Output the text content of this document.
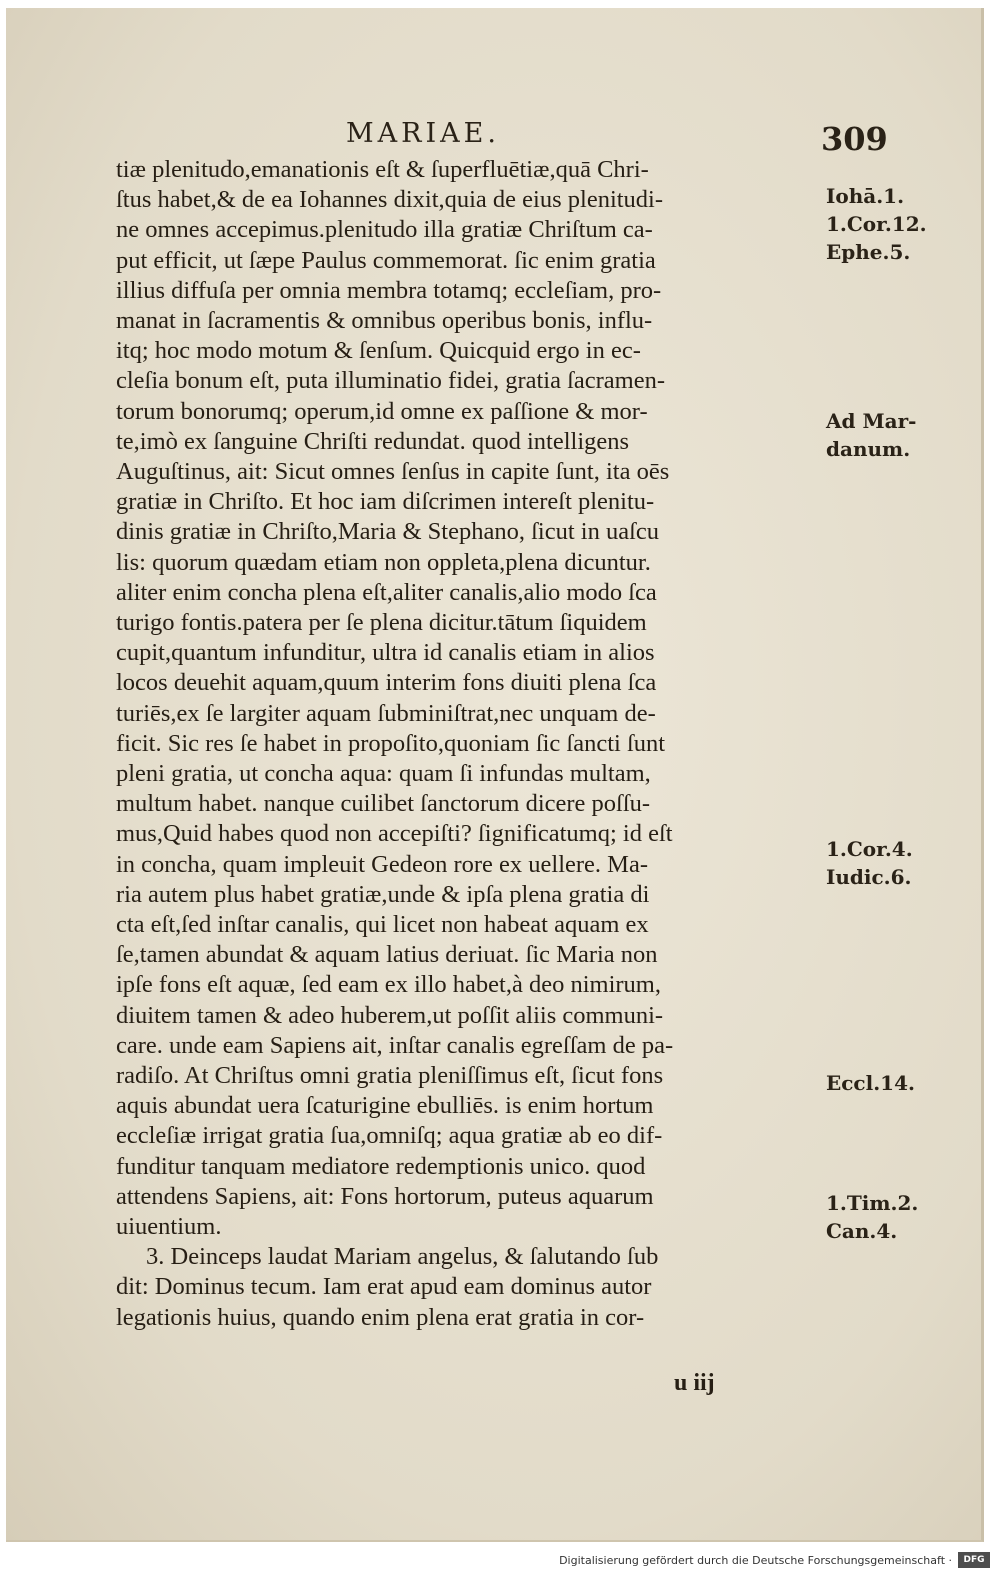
MARIAE.	309
tiæ plenitudo,emanationis eſt & ſuperfluētiæ,quā Chri-
ſtus habet,& de ea Iohannes dixit,quia de eius plenitudi-
ne omnes accepimus.plenitudo illa gratiæ Chriſtum ca-
put efficit, ut ſæpe Paulus commemorat. ſic enim gratia
illius diffuſa per omnia membra totamq; eccleſiam, pro-
manat in ſacramentis & omnibus operibus bonis, influ-
itq; hoc modo motum & ſenſum. Quicquid ergo in ec-
cleſia bonum eſt, puta illuminatio fidei, gratia ſacramen-
torum bonorumq; operum,id omne ex paſſione & mor-
te,imò ex ſanguine Chriſti redundat. quod intelligens
Auguſtinus, ait: Sicut omnes ſenſus in capite ſunt, ita oēs
gratiæ in Chriſto. Et hoc iam diſcrimen intereſt plenitu-
dinis gratiæ in Chriſto,Maria & Stephano, ſicut in uaſcu
lis: quorum quædam etiam non oppleta,plena dicuntur.
aliter enim concha plena eſt,aliter canalis,alio modo ſca
turigo fontis.patera per ſe plena dicitur.tātum ſiquidem
cupit,quantum infunditur, ultra id canalis etiam in alios
locos deuehit aquam,quum interim fons diuiti plena ſca
turiēs,ex ſe largiter aquam ſubminiſtrat,nec unquam de-
ficit. Sic res ſe habet in propoſito,quoniam ſic ſancti ſunt
pleni gratia, ut concha aqua: quam ſi infundas multam,
multum habet. nanque cuilibet ſanctorum dicere poſſu-
mus,Quid habes quod non accepiſti? ſignificatumq; id eſt
in concha, quam impleuit Gedeon rore ex uellere. Ma-
ria autem plus habet gratiæ,unde & ipſa plena gratia di
cta eſt,ſed inſtar canalis, qui licet non habeat aquam ex
ſe,tamen abundat & aquam latius deriuat. ſic Maria non
ipſe fons eſt aquæ, ſed eam ex illo habet,à deo nimirum,
diuitem tamen & adeo huberem,ut poſſit aliis communi-
care. unde eam Sapiens ait, inſtar canalis egreſſam de pa-
radiſo. At Chriſtus omni gratia pleniſſimus eſt, ſicut fons
aquis abundat uera ſcaturigine ebulliēs. is enim hortum
eccleſiæ irrigat gratia ſua,omniſq; aqua gratiæ ab eo dif-
funditur tanquam mediatore redemptionis unico. quod
attendens Sapiens, ait: Fons hortorum, puteus aquarum
uiuentium.
3. Deinceps laudat Mariam angelus, & ſalutando ſub
dit: Dominus tecum. Iam erat apud eam dominus autor
legationis huius, quando enim plena erat gratia in cor-
Iohā.1.
1.Cor.12.
Ephe.5.
Ad Mar-
danum.
1.Cor.4.
Iudic.6.
Eccl.14.
1.Tim.2.
Can.4.
u iij
Digitalisierung gefördert durch die Deutsche Forschungsgemeinschaft ·	DFG
